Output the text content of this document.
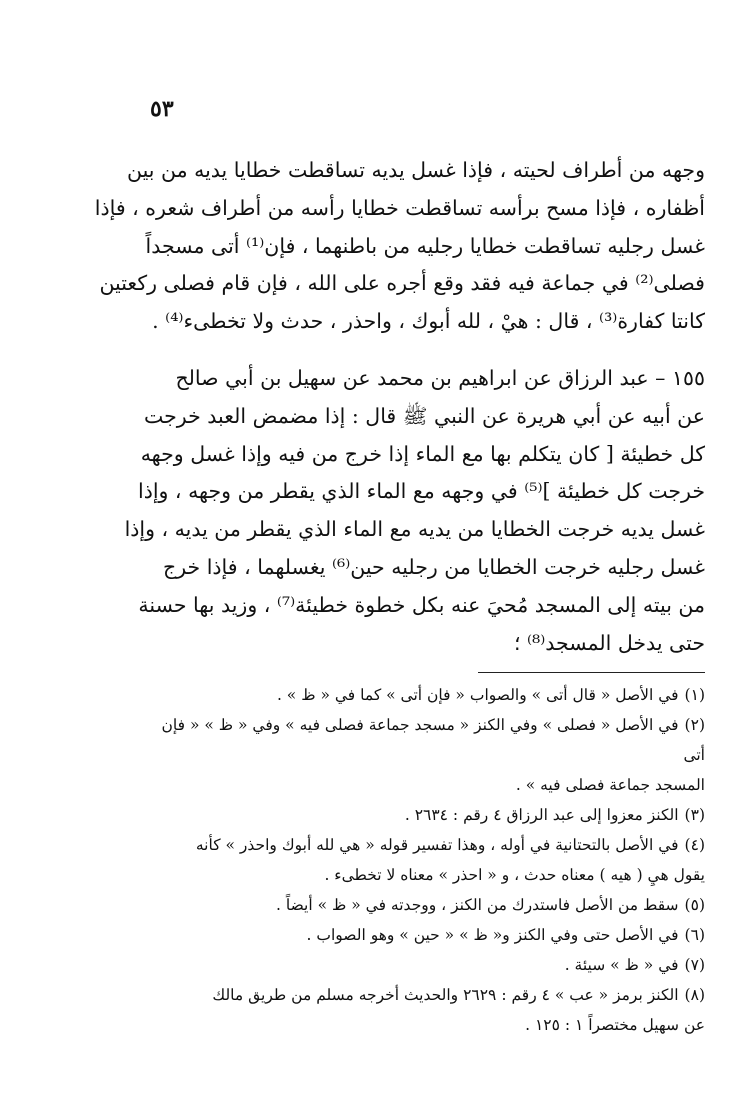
٥٣
وجهه من أطراف لحيته ، فإذا غسل يديه تساقطت خطايا يديه من بين
أظفاره ، فإذا مسح برأسه تساقطت خطايا رأسه من أطراف شعره ، فإذا
غسل رجليه تساقطت خطايا رجليه من باطنهما ، فإن⁽¹⁾ أتى مسجداً
فصلى⁽²⁾ في جماعة فيه فقد وقع أجره على الله ، فإن قام فصلى ركعتين
كانتا كفارة⁽³⁾ ، قال : هيْ ، لله أبوك ، واحذر ، حدث ولا تخطىء⁽⁴⁾ .
١٥٥ – عبد الرزاق عن ابراهيم بن محمد عن سهيل بن أبي صالح
عن أبيه عن أبي هريرة عن النبي ﷺ قال : إذا مضمض العبد خرجت
كل خطيئة [ كان يتكلم بها مع الماء إذا خرج من فيه وإذا غسل وجهه
خرجت كل خطيئة ]⁽⁵⁾ في وجهه مع الماء الذي يقطر من وجهه ، وإذا
غسل يديه خرجت الخطايا من يديه مع الماء الذي يقطر من يديه ، وإذا
غسل رجليه خرجت الخطايا من رجليه حين⁽⁶⁾ يغسلهما ، فإذا خرج
من بيته إلى المسجد مُحيَ عنه بكل خطوة خطيئة⁽⁷⁾ ، وزيد بها حسنة
حتى يدخل المسجد⁽⁸⁾ ؛
(١)في الأصل « قال أتى » والصواب « فإن أتى » كما في « ظ » .
(٢)في الأصل « فصلى » وفي الكنز « مسجد جماعة فصلى فيه » وفي « ظ » « فإن أتى
المسجد جماعة فصلى فيه » .
(٣)الكنز معزوا إلى عبد الرزاق ٤ رقم : ٢٦٣٤ .
(٤)في الأصل بالتحتانية في أوله ، وهذا تفسير قوله « هي لله أبوك واحذر » كأنه
يقول هيِ ( هيه ) معناه حدث ، و « احذر » معناه لا تخطىء .
(٥)سقط من الأصل فاستدرك من الكنز ، ووجدته في « ظ » أيضاً .
(٦)في الأصل حتى وفي الكنز و« ظ » « حين » وهو الصواب .
(٧)في « ظ » سيئة .
(٨)الكنز برمز « عب » ٤ رقم : ٢٦٢٩ والحديث أخرجه مسلم من طريق مالك
عن سهيل مختصراً ١ : ١٢٥ .
